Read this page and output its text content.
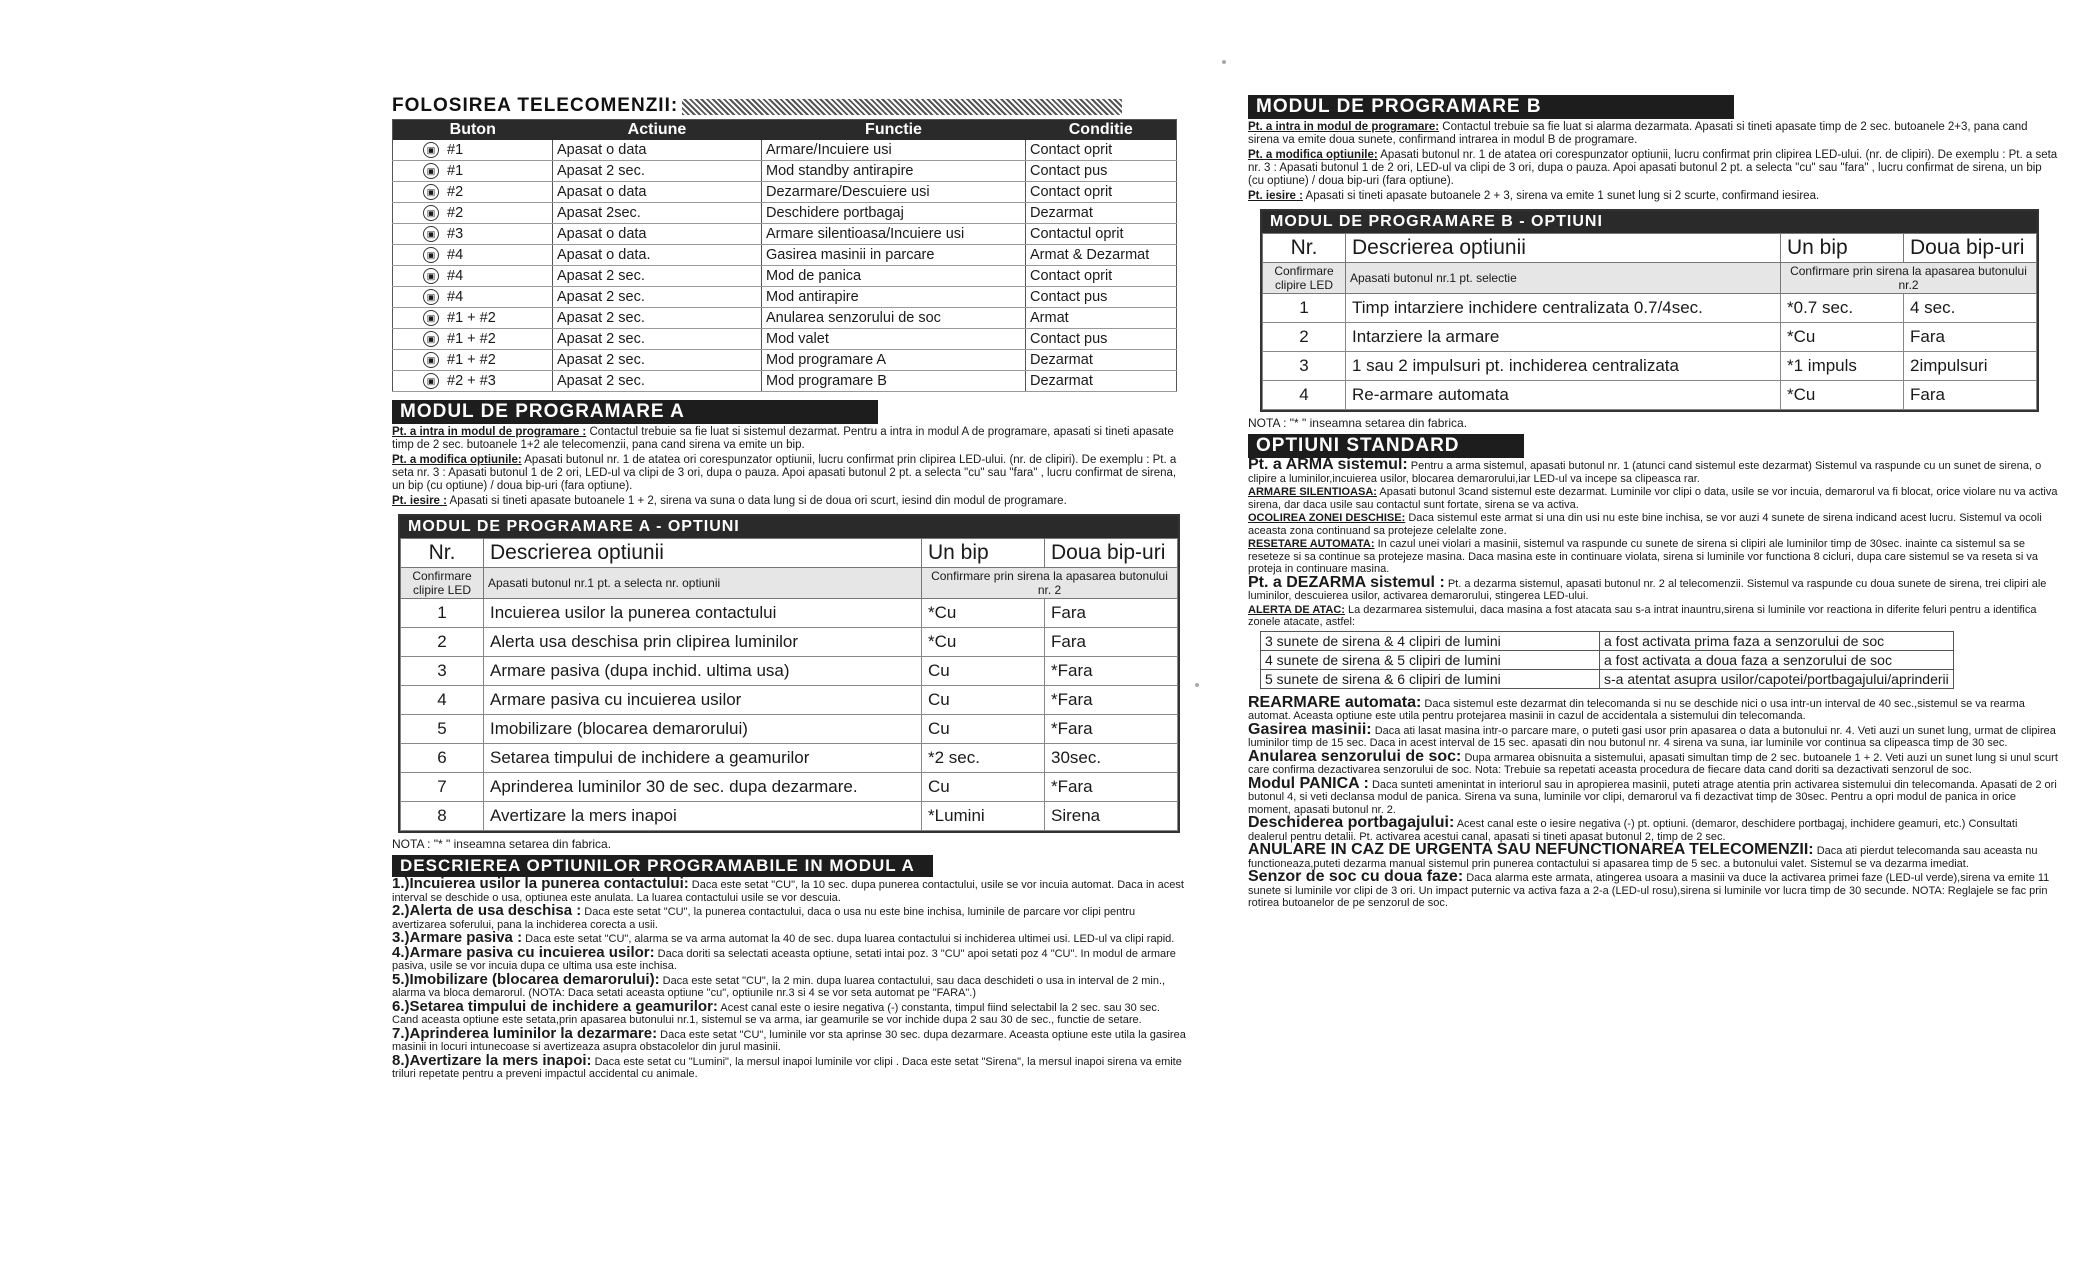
FOLOSIREA TELECOMENZII:
Buton	Actiune	Functie	Conditie
▣ #1	Apasat o data	Armare/Incuiere usi	Contact oprit
▣ #1	Apasat 2 sec.	Mod standby antirapire	Contact pus
▣ #2	Apasat o data	Dezarmare/Descuiere usi	Contact oprit
▣ #2	Apasat 2sec.	Deschidere portbagaj	Dezarmat
▣ #3	Apasat o data	Armare silentioasa/Incuiere usi	Contactul oprit
▣ #4	Apasat o data.	Gasirea masinii in parcare	Armat & Dezarmat
▣ #4	Apasat 2 sec.	Mod de panica	Contact oprit
▣ #4	Apasat 2 sec.	Mod antirapire	Contact pus
▣ #1 + #2	Apasat 2 sec.	Anularea senzorului de soc	Armat
▣ #1 + #2	Apasat 2 sec.	Mod valet	Contact pus
▣ #1 + #2	Apasat 2 sec.	Mod programare A	Dezarmat
▣ #2 + #3	Apasat 2 sec.	Mod programare B	Dezarmat
MODUL DE PROGRAMARE A

Pt. a intra in modul de programare : Contactul trebuie sa fie luat si sistemul dezarmat. Pentru a intra in modul A de programare, apasati si tineti apasate timp de 2 sec. butoanele 1+2 ale telecomenzii, pana cand sirena va emite un bip.

Pt. a modifica optiunile: Apasati butonul nr. 1 de atatea ori corespunzator optiunii, lucru confirmat prin clipirea LED-ului. (nr. de clipiri). De exemplu : Pt. a seta nr. 3 : Apasati butonul 1 de 2 ori, LED-ul va clipi de 3 ori, dupa o pauza. Apoi apasati butonul 2 pt. a selecta "cu" sau "fara" , lucru confirmat de sirena, un bip (cu optiune) / doua bip-uri (fara optiune).

Pt. iesire : Apasati si tineti apasate butoanele 1 + 2, sirena va suna o data lung si de doua ori scurt, iesind din modul de programare.

MODUL DE PROGRAMARE A - OPTIUNI
Nr.	Descrierea optiunii	Un bip	Doua bip-uri
Confirmare clipire LED	Apasati butonul nr.1 pt. a selecta nr. optiunii	Confirmare prin sirena la apasarea butonului nr. 2	
1	Incuierea usilor la punerea contactului	*Cu	Fara
2	Alerta usa deschisa prin clipirea luminilor	*Cu	Fara
3	Armare pasiva (dupa inchid. ultima usa)	Cu	*Fara
4	Armare pasiva cu incuierea usilor	Cu	*Fara
5	Imobilizare (blocarea demarorului)	Cu	*Fara
6	Setarea timpului de inchidere a geamurilor	*2 sec.	30sec.
7	Aprinderea luminilor 30 de sec. dupa dezarmare.	Cu	*Fara
8	Avertizare la mers inapoi	*Lumini	Sirena

NOTA : "* " inseamna setarea din fabrica.

DESCRIEREA OPTIUNILOR PROGRAMABILE IN MODUL A

1.)Incuierea usilor la punerea contactului: Daca este setat "CU", la 10 sec. dupa punerea contactului, usile se vor incuia automat. Daca in acest interval se deschide o usa, optiunea este anulata. La luarea contactului usile se vor descuia.

2.)Alerta de usa deschisa : Daca este setat "CU", la punerea contactului, daca o usa nu este bine inchisa, luminile de parcare vor clipi pentru avertizarea soferului, pana la inchiderea corecta a usii.

3.)Armare pasiva : Daca este setat "CU", alarma se va arma automat la 40 de sec. dupa luarea contactului si inchiderea ultimei usi. LED-ul va clipi rapid.

4.)Armare pasiva cu incuierea usilor: Daca doriti sa selectati aceasta optiune, setati intai poz. 3 "CU" apoi setati poz 4 "CU". In modul de armare pasiva, usile se vor incuia dupa ce ultima usa este inchisa.

5.)Imobilizare (blocarea demarorului): Daca este setat "CU", la 2 min. dupa luarea contactului, sau daca deschideti o usa in interval de 2 min., alarma va bloca demarorul. (NOTA: Daca setati aceasta optiune "cu", optiunile nr.3 si 4 se vor seta automat pe "FARA".)

6.)Setarea timpului de inchidere a geamurilor: Acest canal este o iesire negativa (-) constanta, timpul fiind selectabil la 2 sec. sau 30 sec. Cand aceasta optiune este setata,prin apasarea butonului nr.1, sistemul se va arma, iar geamurile se vor inchide dupa 2 sau 30 de sec., functie de setare.

7.)Aprinderea luminilor la dezarmare: Daca este setat "CU", luminile vor sta aprinse 30 sec. dupa dezarmare. Aceasta optiune este utila la gasirea masinii in locuri intunecoase si avertizeaza asupra obstacolelor din jurul masinii.

8.)Avertizare la mers inapoi: Daca este setat cu "Lumini", la mersul inapoi luminile vor clipi . Daca este setat "Sirena", la mersul inapoi sirena va emite triluri repetate pentru a preveni impactul accidental cu animale.

MODUL DE PROGRAMARE B

Pt. a intra in modul de programare: Contactul trebuie sa fie luat si alarma dezarmata. Apasati si tineti apasate timp de 2 sec. butoanele 2+3, pana cand sirena va emite doua sunete, confirmand intrarea in modul B de programare.

Pt. a modifica optiunile: Apasati butonul nr. 1 de atatea ori corespunzator optiunii, lucru confirmat prin clipirea LED-ului. (nr. de clipiri). De exemplu : Pt. a seta nr. 3 : Apasati butonul 1 de 2 ori, LED-ul va clipi de 3 ori, dupa o pauza. Apoi apasati butonul 2 pt. a selecta "cu" sau "fara" , lucru confirmat de sirena, un bip (cu optiune) / doua bip-uri (fara optiune).

Pt. iesire : Apasati si tineti apasate butoanele 2 + 3, sirena va emite 1 sunet lung si 2 scurte, confirmand iesirea.

MODUL DE PROGRAMARE B - OPTIUNI
Nr.	Descrierea optiunii	Un bip	Doua bip-uri
Confirmare clipire LED	Apasati butonul nr.1 pt. selectie	Confirmare prin sirena la apasarea butonului nr.2	
1	Timp intarziere inchidere centralizata 0.7/4sec.	*0.7 sec.	4 sec.
2	Intarziere la armare	*Cu	Fara
3	1 sau 2 impulsuri pt. inchiderea centralizata	*1 impuls	2impulsuri
4	Re-armare automata	*Cu	Fara

NOTA : "* " inseamna setarea din fabrica.

OPTIUNI STANDARD

Pt. a ARMA sistemul: Pentru a arma sistemul, apasati butonul nr. 1 (atunci cand sistemul este dezarmat) Sistemul va raspunde cu un sunet de sirena, o clipire a luminilor,incuierea usilor, blocarea demarorului,iar LED-ul va incepe sa clipeasca rar.

ARMARE SILENTIOASA: Apasati butonul 3cand sistemul este dezarmat. Luminile vor clipi o data, usile se vor incuia, demarorul va fi blocat, orice violare nu va activa sirena, dar daca usile sau contactul sunt fortate, sirena se va activa.

OCOLIREA ZONEI DESCHISE: Daca sistemul este armat si una din usi nu este bine inchisa, se vor auzi 4 sunete de sirena indicand acest lucru. Sistemul va ocoli aceasta zona continuand sa protejeze celelalte zone.

RESETARE AUTOMATA: In cazul unei violari a masinii, sistemul va raspunde cu sunete de sirena si clipiri ale luminilor timp de 30sec. inainte ca sistemul sa se reseteze si sa continue sa protejeze masina. Daca masina este in continuare violata, sirena si luminile vor functiona 8 cicluri, dupa care sistemul se va reseta si va proteja in continuare masina.

Pt. a DEZARMA sistemul : Pt. a dezarma sistemul, apasati butonul nr. 2 al telecomenzii. Sistemul va raspunde cu doua sunete de sirena, trei clipiri ale luminilor, descuierea usilor, activarea demarorului, stingerea LED-ului.

ALERTA DE ATAC: La dezarmarea sistemului, daca masina a fost atacata sau s-a intrat inauntru,sirena si luminile vor reactiona in diferite feluri pentru a identifica zonele atacate, astfel:

3 sunete de sirena & 4 clipiri de lumini	a fost activata prima faza a senzorului de soc
4 sunete de sirena & 5 clipiri de lumini	a fost activata a doua faza a senzorului de soc
5 sunete de sirena & 6 clipiri de lumini	s-a atentat asupra usilor/capotei/portbagajului/aprinderii

REARMARE automata: Daca sistemul este dezarmat din telecomanda si nu se deschide nici o usa intr-un interval de 40 sec.,sistemul se va rearma automat. Aceasta optiune este utila pentru protejarea masinii in cazul de accidentala a sistemului din telecomanda.

Gasirea masinii: Daca ati lasat masina intr-o parcare mare, o puteti gasi usor prin apasarea o data a butonului nr. 4. Veti auzi un sunet lung, urmat de clipirea luminilor timp de 15 sec. Daca in acest interval de 15 sec. apasati din nou butonul nr. 4 sirena va suna, iar luminile vor continua sa clipeasca timp de 30 sec.

Anularea senzorului de soc: Dupa armarea obisnuita a sistemului, apasati simultan timp de 2 sec. butoanele 1 + 2. Veti auzi un sunet lung si unul scurt care confirma dezactivarea senzorului de soc. Nota: Trebuie sa repetati aceasta procedura de fiecare data cand doriti sa dezactivati senzorul de soc.

Modul PANICA : Daca sunteti amenintat in interiorul sau in apropierea masinii, puteti atrage atentia prin activarea sistemului din telecomanda. Apasati de 2 ori butonul 4, si veti declansa modul de panica. Sirena va suna, luminile vor clipi, demarorul va fi dezactivat timp de 30sec. Pentru a opri modul de panica in orice moment, apasati butonul nr. 2.

Deschiderea portbagajului: Acest canal este o iesire negativa (-) pt. optiuni. (demaror, deschidere portbagaj, inchidere geamuri, etc.) Consultati dealerul pentru detalii. Pt. activarea acestui canal, apasati si tineti apasat butonul 2, timp de 2 sec.

ANULARE IN CAZ DE URGENTA SAU NEFUNCTIONAREA TELECOMENZII: Daca ati pierdut telecomanda sau aceasta nu functioneaza,puteti dezarma manual sistemul prin punerea contactului si apasarea timp de 5 sec. a butonului valet. Sistemul se va dezarma imediat.

Senzor de soc cu doua faze: Daca alarma este armata, atingerea usoara a masinii va duce la activarea primei faze (LED-ul verde),sirena va emite 11 sunete si luminile vor clipi de 3 ori. Un impact puternic va activa faza a 2-a (LED-ul rosu),sirena si luminile vor lucra timp de 30 secunde. NOTA: Reglajele se fac prin rotirea butoanelor de pe senzorul de soc.
